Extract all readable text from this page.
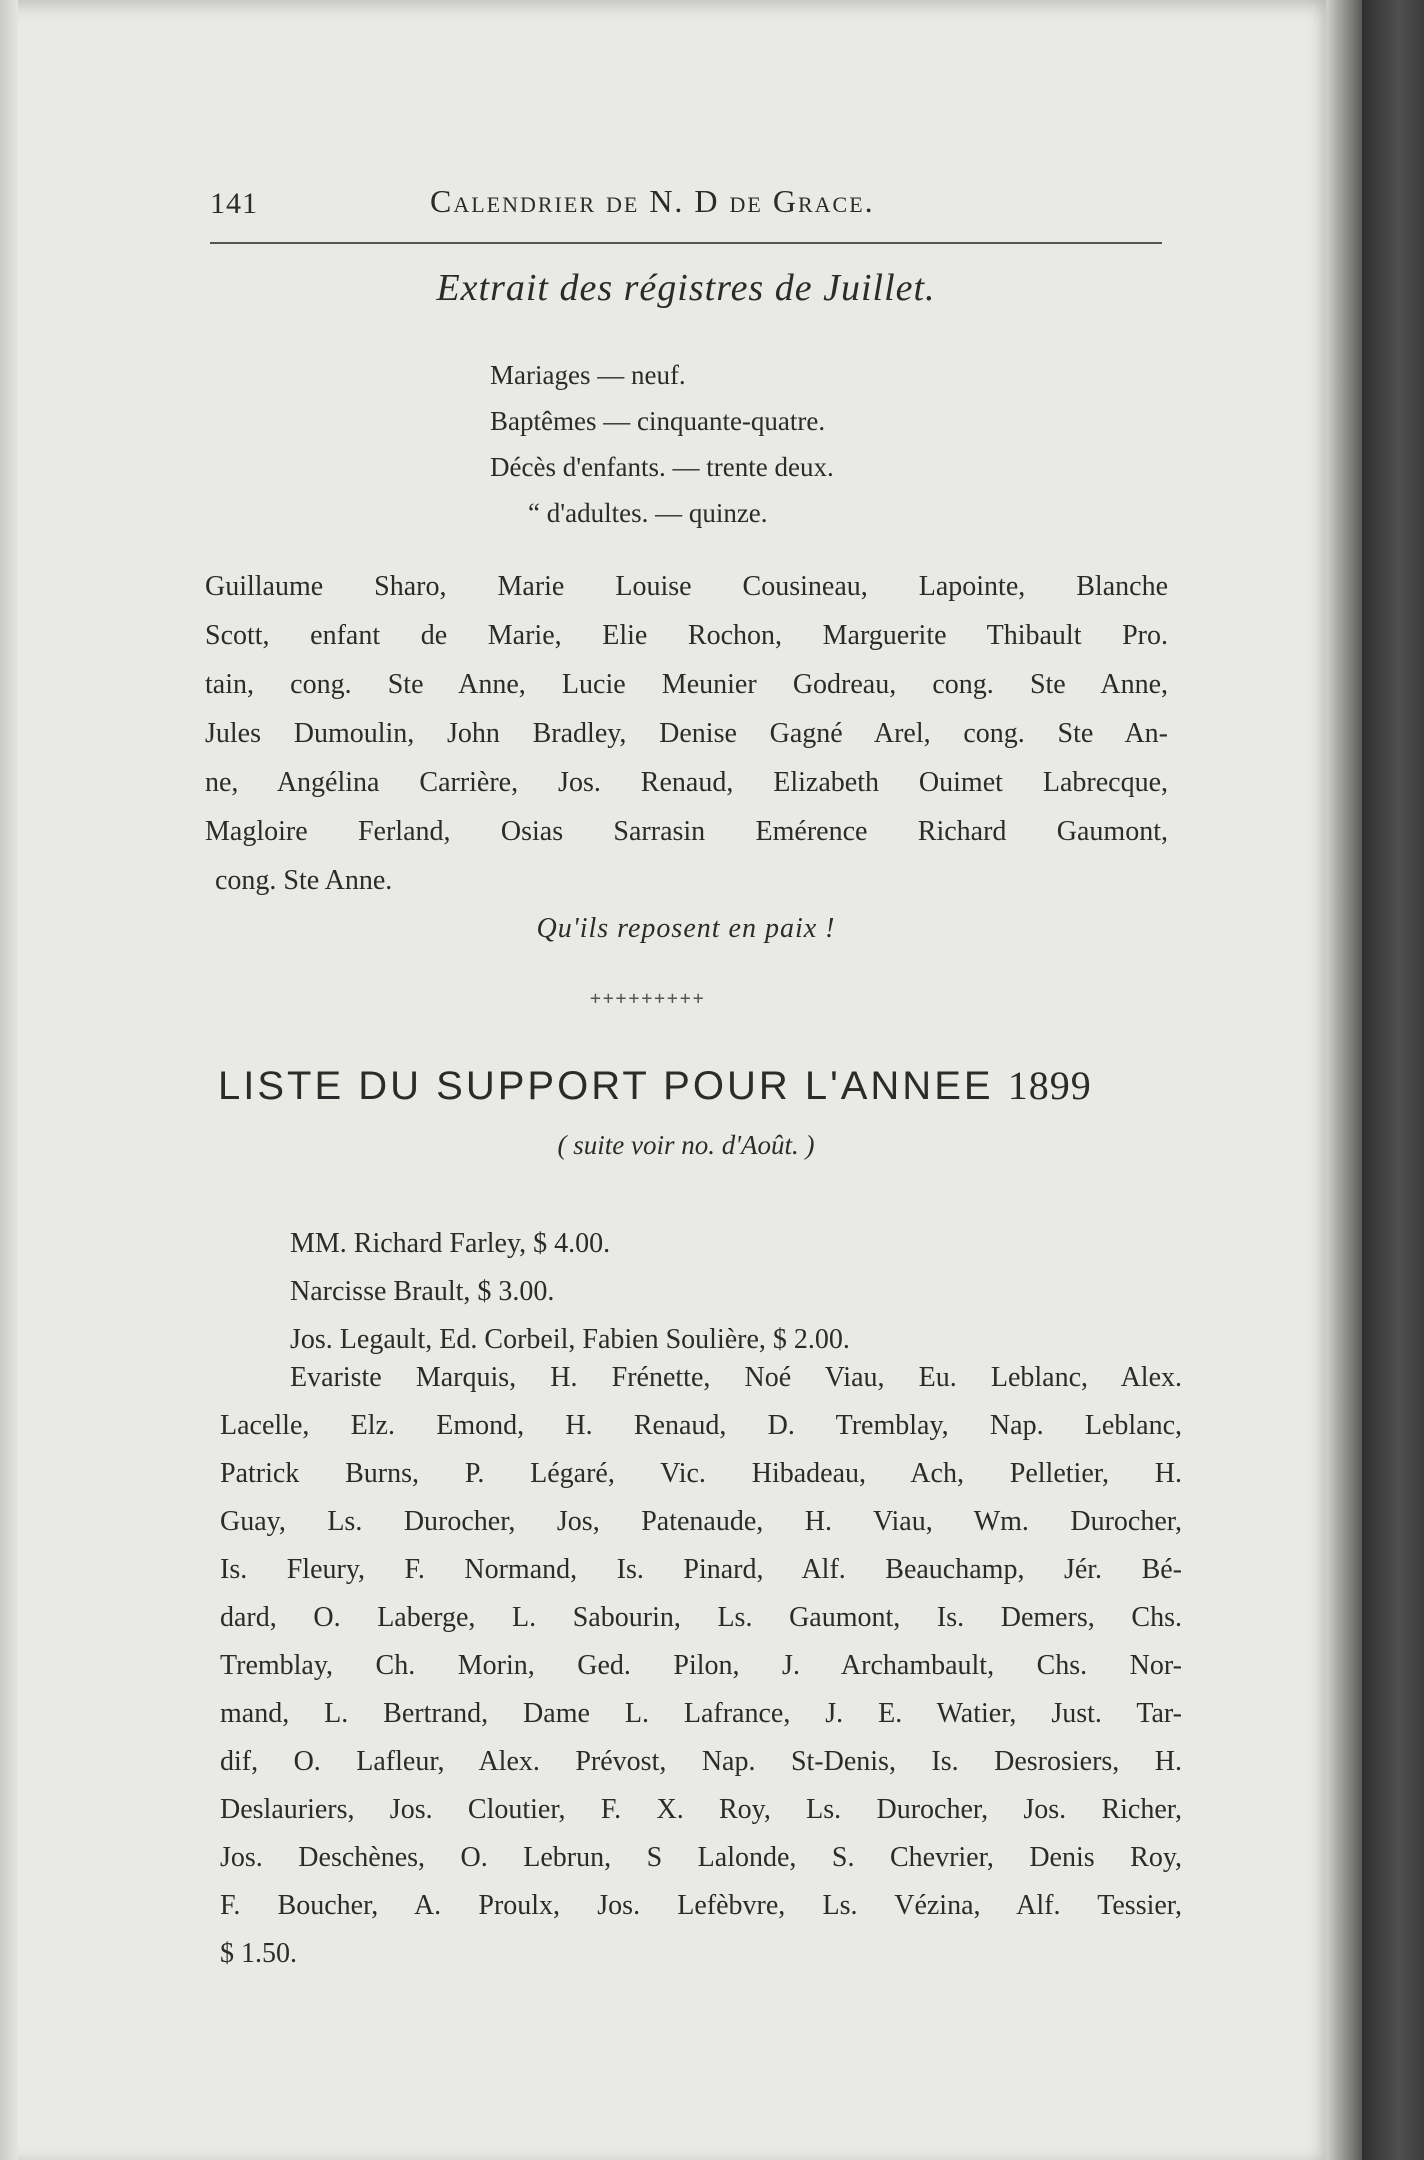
141	Calendrier de N. D de Grace.
Extrait des régistres de Juillet.
Mariages — neuf.
Baptêmes — cinquante-quatre.
Décès d'enfants. — trente deux.
“ d'adultes. — quinze.
Guillaume Sharo, Marie Louise Cousineau, Lapointe, Blanche
Scott, enfant de Marie, Elie Rochon, Marguerite Thibault Pro.
tain, cong. Ste Anne, Lucie Meunier Godreau, cong. Ste Anne,
Jules Dumoulin, John Bradley, Denise Gagné Arel, cong. Ste An-
ne, Angélina Carrière, Jos. Renaud, Elizabeth Ouimet Labrecque,
Magloire Ferland, Osias Sarrasin Emérence Richard Gaumont,
cong. Ste Anne.
Qu'ils reposent en paix !
+++++++++
LISTE DU SUPPORT POUR L'ANNEE 1899
( suite voir no. d'Août. )
MM. Richard Farley, $ 4.00.
Narcisse Brault, $ 3.00.
Jos. Legault, Ed. Corbeil, Fabien Soulière, $ 2.00.
Evariste Marquis, H. Frénette, Noé Viau, Eu. Leblanc, Alex.
Lacelle, Elz. Emond, H. Renaud, D. Tremblay, Nap. Leblanc,
Patrick Burns, P. Légaré, Vic. Hibadeau, Ach, Pelletier, H.
Guay, Ls. Durocher, Jos, Patenaude, H. Viau, Wm. Durocher,
Is. Fleury, F. Normand, Is. Pinard, Alf. Beauchamp, Jér. Bé-
dard, O. Laberge, L. Sabourin, Ls. Gaumont, Is. Demers, Chs.
Tremblay, Ch. Morin, Ged. Pilon, J. Archambault, Chs. Nor-
mand, L. Bertrand, Dame L. Lafrance, J. E. Watier, Just. Tar-
dif, O. Lafleur, Alex. Prévost, Nap. St-Denis, Is. Desrosiers, H.
Deslauriers, Jos. Cloutier, F. X. Roy, Ls. Durocher, Jos. Richer,
Jos. Deschènes, O. Lebrun, S Lalonde, S. Chevrier, Denis Roy,
F. Boucher, A. Proulx, Jos. Lefèbvre, Ls. Vézina, Alf. Tessier,
$ 1.50.
